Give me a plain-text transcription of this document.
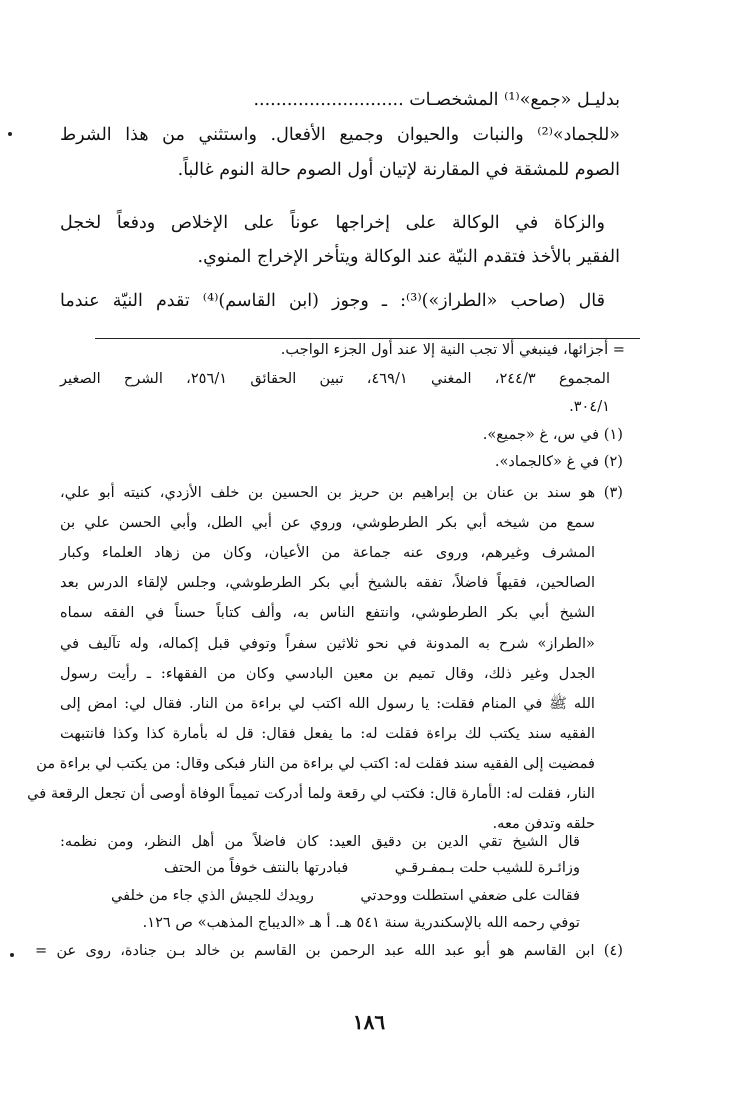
بدليـل «جمع»⁽¹⁾ المشخصـات ...........................
«للجماد»⁽²⁾ والنبات والحيوان وجميع الأفعال. واستثني من هذا الشرط
الصوم للمشقة في المقارنة لإتيان أول الصوم حالة النوم غالباً.
والزكاة في الوكالة على إخراجها عوناً على الإخلاص ودفعاً لخجل
الفقير بالأخذ فتقدم النيّة عند الوكالة ويتأخر الإخراج المنوي.
قال (صاحب «الطراز»)⁽³⁾: ـ وجوز (ابن القاسم)⁽⁴⁾ تقدم النيّة عندما
= أجزائها، فينبغي ألا تجب النية إلا عند أول الجزء الواجب.
المجموع ٢٤٤/٣، المغني ٤٦٩/١، تبين الحقائق ٢٥٦/١، الشرح الصغير
٣٠٤/١.
(١) في س، غ «جميع».
(٢) في غ «كالجماد».
(٣) هو سند بن عنان بن إبراهيم بن حريز بن الحسين بن خلف الأزدي، كنيته أبو علي،
سمع من شيخه أبي بكر الطرطوشي، وروي عن أبي الطل، وأبي الحسن علي بن
المشرف وغيرهم، وروى عنه جماعة من الأعيان، وكان من زهاد العلماء وكبار
الصالحين، فقيهاً فاضلاً، تفقه بالشيخ أبي بكر الطرطوشي، وجلس لإلقاء الدرس بعد
الشيخ أبي بكر الطرطوشي، وانتفع الناس به، وألف كتاباً حسناً في الفقه سماه
«الطراز» شرح به المدونة في نحو ثلاثين سفراً وتوفي قبل إكماله، وله تآليف في
الجدل وغير ذلك، وقال تميم بن معين البادسي وكان من الفقهاء: ـ رأيت رسول
الله ﷺ في المنام فقلت: يا رسول الله اكتب لي براءة من النار. فقال لي: امض إلى
الفقيه سند يكتب لك براءة فقلت له: ما يفعل فقال: قل له بأمارة كذا وكذا فانتبهت
فمضيت إلى الفقيه سند فقلت له: اكتب لي براءة من النار فبكى وقال: من يكتب لي براءة من
النار، فقلت له: الأمارة قال: فكتب لي رقعة ولما أدركت تميماً الوفاة أوصى أن تجعل الرقعة في
حلقه وتدفن معه.
قال الشيخ تقي الدين بن دقيق العيد: كان فاضلاً من أهل النظر، ومن نظمه:
وزائـرة للشيب حلت بـمفـرقـي          فبادرتها بالنتف خوفاً من الحتف
فقالت على ضعفي استطلت ووحدتي          رويدك للجيش الذي جاء من خلفي
توفي رحمه الله بالإسكندرية سنة ٥٤١ هـ. أ هـ «الديباج المذهب» ص ١٢٦.
(٤) ابن القاسم هو أبو عبد الله عبد الرحمن بن القاسم بن خالد بـن جنادة، روى عن =
١٨٦
